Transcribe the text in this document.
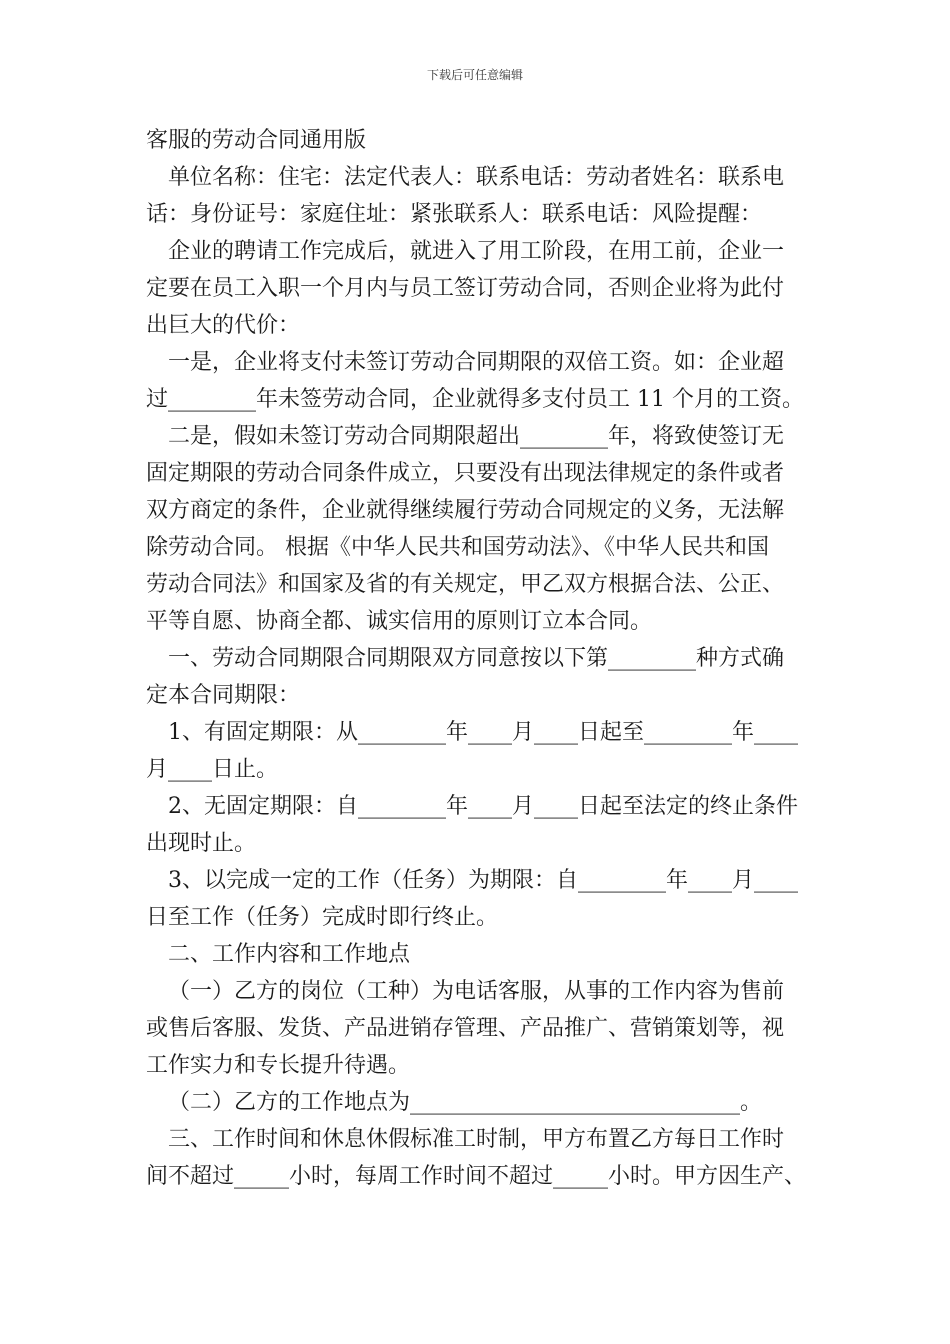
下载后可任意编辑

客服的劳动合同通用版

单位名称：住宅：法定代表人：联系电话：劳动者姓名：联系电

话：身份证号：家庭住址：紧张联系人：联系电话：风险提醒：

企业的聘请工作完成后，就进入了用工阶段，在用工前，企业一

定要在员工入职一个月内与员工签订劳动合同，否则企业将为此付

出巨大的代价：

一是，企业将支付未签订劳动合同期限的双倍工资。如：企业超

过________年未签劳动合同，企业就得多支付员工 11 个月的工资。

二是，假如未签订劳动合同期限超出________年，将致使签订无

固定期限的劳动合同条件成立，只要没有出现法律规定的条件或者

双方商定的条件，企业就得继续履行劳动合同规定的义务，无法解

除劳动合同。 根据《中华人民共和国劳动法》、《中华人民共和国

劳动合同法》和国家及省的有关规定，甲乙双方根据合法、公正、

平等自愿、协商全都、诚实信用的原则订立本合同。

一、劳动合同期限合同期限双方同意按以下第________种方式确

定本合同期限：

1、有固定期限：从________年____月____日起至________年____

月____日止。

2、无固定期限：自________年____月____日起至法定的终止条件

出现时止。

3、以完成一定的工作（任务）为期限：自________年____月____

日至工作（任务）完成时即行终止。

二、工作内容和工作地点

（一）乙方的岗位（工种）为电话客服，从事的工作内容为售前

或售后客服、发货、产品进销存管理、产品推广、营销策划等，视

工作实力和专长提升待遇。

（二）乙方的工作地点为______________________________。

三、工作时间和休息休假标准工时制，甲方布置乙方每日工作时

间不超过_____小时，每周工作时间不超过_____小时。甲方因生产、
